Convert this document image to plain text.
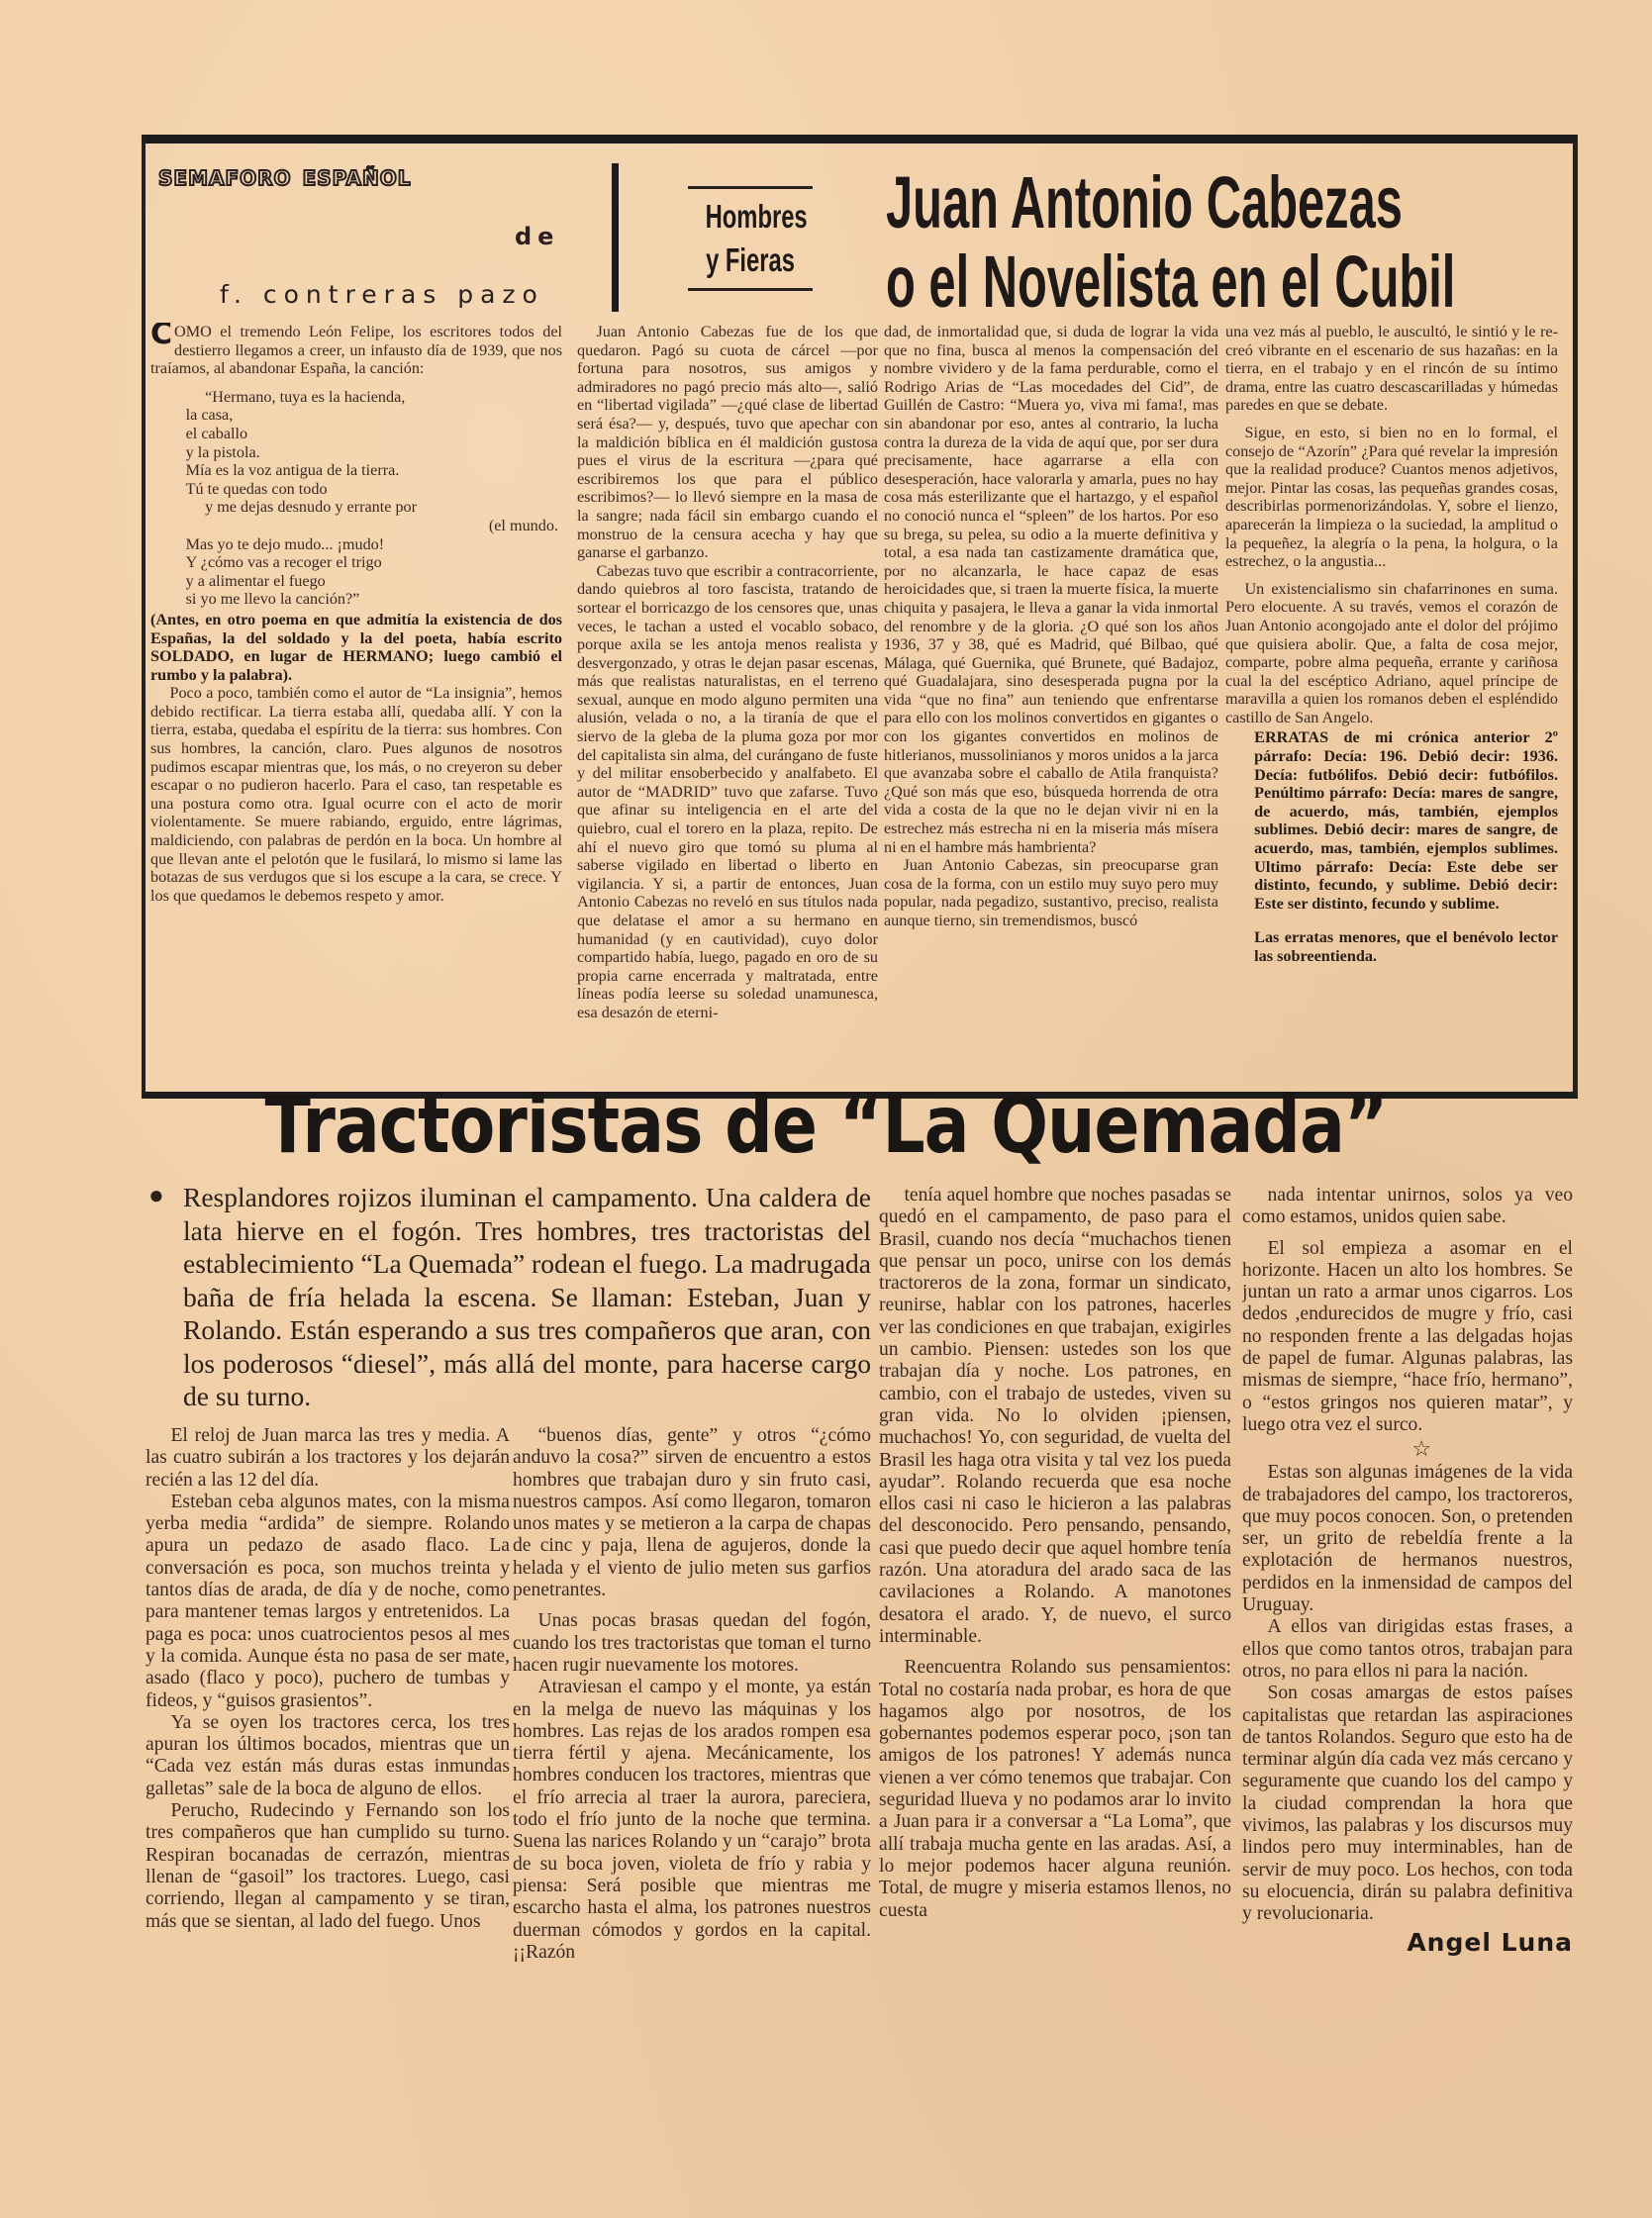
semaforo español
de
f. contreras pazo
Hombres
y Fieras
Juan Antonio Cabezas
o el Novelista en el Cubil

COMO el tremendo León Felipe, los escritores todos del destierro llegamos a creer, un infausto día de 1939, que nos traíamos, al abandonar España, la canción:

“Hermano, tuya es la hacienda,
la casa,
el caballo
y la pistola.
Mía es la voz antigua de la tierra.
Tú te quedas con todo
y me dejas desnudo y errante por
(el mundo.
Mas yo te dejo mudo... ¡mudo!
Y ¿cómo vas a recoger el trigo
y a alimentar el fuego
si yo me llevo la canción?”

(Antes, en otro poema en que admitía la existencia de dos Españas, la del soldado y la del poeta, había escrito SOLDADO, en lugar de HERMANO; luego cambió el rumbo y la palabra).

Poco a poco, también como el autor de “La insignia”, hemos debido rectificar. La tierra estaba allí, quedaba allí. Y con la tierra, estaba, quedaba el espíritu de la tierra: sus hombres. Con sus hombres, la canción, claro. Pues algunos de nosotros pudimos escapar mientras que, los más, o no creyeron su deber escapar o no pudieron hacerlo. Para el caso, tan respetable es una postura como otra. Igual ocurre con el acto de morir violentamente. Se muere rabiando, erguido, entre lágrimas, maldiciendo, con palabras de perdón en la boca. Un hombre al que llevan ante el pelotón que le fusilará, lo mismo si lame las botazas de sus verdugos que si los escupe a la cara, se crece. Y los que quedamos le debemos respeto y amor.

Juan Antonio Cabezas fue de los que quedaron. Pagó su cuota de cárcel —por fortuna para nosotros, sus amigos y admiradores no pagó precio más alto—, salió en “libertad vigilada” —¿qué clase de libertad será ésa?— y, después, tuvo que apechar con la maldición bíblica en él maldición gustosa pues el virus de la escritura —¿para qué escribiremos los que para el público escribimos?— lo llevó siempre en la masa de la sangre; nada fácil sin embargo cuando el monstruo de la censura acecha y hay que ganarse el garbanzo.

Cabezas tuvo que escribir a contracorriente, dando quiebros al toro fascista, tratando de sortear el borricazgo de los censores que, unas veces, le tachan a usted el vocablo sobaco, porque axila se les antoja menos realista y desvergonzado, y otras le dejan pasar escenas, más que realistas naturalistas, en el terreno sexual, aunque en modo alguno permiten una alusión, velada o no, a la tiranía de que el siervo de la gleba de la pluma goza por mor del capitalista sin alma, del curángano de fuste y del militar ensoberbecido y analfabeto. El autor de “MADRID” tuvo que zafarse. Tuvo que afinar su inteligencia en el arte del quiebro, cual el torero en la plaza, repito. De ahí el nuevo giro que tomó su pluma al saberse vigilado en libertad o liberto en vigilancia. Y si, a partir de entonces, Juan Antonio Cabezas no reveló en sus títulos nada que delatase el amor a su hermano en humanidad (y en cautividad), cuyo dolor compartido había, luego, pagado en oro de su propia carne encerrada y maltratada, entre líneas podía leerse su soledad unamunesca, esa desazón de eterni-

dad, de inmortalidad que, si duda de lograr la vida que no fina, busca al menos la compensación del nombre vividero y de la fama perdurable, como el Rodrigo Arias de “Las mocedades del Cid”, de Guillén de Castro: “Muera yo, viva mi fama!, mas sin abandonar por eso, antes al contrario, la lucha contra la dureza de la vida de aquí que, por ser dura precisamente, hace agarrarse a ella con desesperación, hace valorarla y amarla, pues no hay cosa más esterilizante que el hartazgo, y el español no conoció nunca el “spleen” de los hartos. Por eso su brega, su pelea, su odio a la muerte definitiva y total, a esa nada tan castizamente dramática que, por no alcanzarla, le hace capaz de esas heroicidades que, si traen la muerte física, la muerte chiquita y pasajera, le lleva a ganar la vida inmortal del renombre y de la gloria. ¿O qué son los años 1936, 37 y 38, qué es Madrid, qué Bilbao, qué Málaga, qué Guernika, qué Brunete, qué Badajoz, qué Guadalajara, sino desesperada pugna por la vida “que no fina” aun teniendo que enfrentarse para ello con los molinos convertidos en gigantes o con los gigantes convertidos en molinos de hitlerianos, mussolinianos y moros unidos a la jarca que avanzaba sobre el caballo de Atila franquista? ¿Qué son más que eso, búsqueda horrenda de otra vida a costa de la que no le dejan vivir ni en la estrechez más estrecha ni en la miseria más mísera ni en el hambre más hambrienta?

Juan Antonio Cabezas, sin preocuparse gran cosa de la forma, con un estilo muy suyo pero muy popular, nada pegadizo, sustantivo, preciso, realista aunque tierno, sin tremendismos, buscó

una vez más al pueblo, le auscultó, le sintió y le re-creó vibrante en el escenario de sus hazañas: en la tierra, en el trabajo y en el rincón de su íntimo drama, entre las cuatro descascarilladas y húmedas paredes en que se debate.

Sigue, en esto, si bien no en lo formal, el consejo de “Azorín” ¿Para qué revelar la impresión que la realidad produce? Cuantos menos adjetivos, mejor. Pintar las cosas, las pequeñas grandes cosas, describirlas pormenorizándolas. Y, sobre el lienzo, aparecerán la limpieza o la suciedad, la amplitud o la pequeñez, la alegría o la pena, la holgura, o la estrechez, o la angustia...

Un existencialismo sin chafarrinones en suma. Pero elocuente. A su través, vemos el corazón de Juan Antonio acongojado ante el dolor del prójimo que quisiera abolir. Que, a falta de cosa mejor, comparte, pobre alma pequeña, errante y cariñosa cual la del escéptico Adriano, aquel príncipe de maravilla a quien los romanos deben el espléndido castillo de San Angelo.

ERRATAS de mi crónica anterior 2º párrafo: Decía: 196. Debió decir: 1936. Decía: futbólifos. Debió decir: futbófilos. Penúltimo párrafo: Decía: mares de sangre, de acuerdo, más, también, ejemplos sublimes. Debió decir: mares de sangre, de acuerdo, mas, también, ejemplos sublimes. Ultimo párrafo: Decía: Este debe ser distinto, fecundo, y sublime. Debió decir: Este ser distinto, fecundo y sublime.

Las erratas menores, que el benévolo lector las sobreentienda.

Tractoristas de “La Quemada”
● Resplandores rojizos iluminan el campamento. Una caldera de lata hierve en el fogón. Tres hombres, tres tractoristas del establecimiento “La Quemada” rodean el fuego. La madrugada baña de fría helada la escena. Se llaman: Esteban, Juan y Rolando. Están esperando a sus tres compañeros que aran, con los poderosos “diesel”, más allá del monte, para hacerse cargo de su turno.

El reloj de Juan marca las tres y media. A las cuatro subirán a los tractores y los dejarán recién a las 12 del día.

Esteban ceba algunos mates, con la misma yerba media “ardida” de siempre. Rolando apura un pedazo de asado flaco. La conversación es poca, son muchos treinta y tantos días de arada, de día y de noche, como para mantener temas largos y entretenidos. La paga es poca: unos cuatrocientos pesos al mes y la comida. Aunque ésta no pasa de ser mate, asado (flaco y poco), puchero de tumbas y fideos, y “guisos grasientos”.

Ya se oyen los tractores cerca, los tres apuran los últimos bocados, mientras que un “Cada vez están más duras estas inmundas galletas” sale de la boca de alguno de ellos.

Perucho, Rudecindo y Fernando son los tres compañeros que han cumplido su turno. Respiran bocanadas de cerrazón, mientras llenan de “gasoil” los tractores. Luego, casi corriendo, llegan al campamento y se tiran, más que se sientan, al lado del fuego. Unos

“buenos días, gente” y otros “¿cómo anduvo la cosa?” sirven de encuentro a estos hombres que trabajan duro y sin fruto casi, nuestros campos. Así como llegaron, tomaron unos mates y se metieron a la carpa de chapas de cinc y paja, llena de agujeros, donde la helada y el viento de julio meten sus garfios penetrantes.

Unas pocas brasas quedan del fogón, cuando los tres tractoristas que toman el turno hacen rugir nuevamente los motores.

Atraviesan el campo y el monte, ya están en la melga de nuevo las máquinas y los hombres. Las rejas de los arados rompen esa tierra fértil y ajena. Mecánicamente, los hombres conducen los tractores, mientras que el frío arrecia al traer la aurora, pareciera, todo el frío junto de la noche que termina. Suena las narices Rolando y un “carajo” brota de su boca joven, violeta de frío y rabia y piensa: Será posible que mientras me escarcho hasta el alma, los patrones nuestros duerman cómodos y gordos en la capital. ¡¡Razón

tenía aquel hombre que noches pasadas se quedó en el campamento, de paso para el Brasil, cuando nos decía “muchachos tienen que pensar un poco, unirse con los demás tractoreros de la zona, formar un sindicato, reunirse, hablar con los patrones, hacerles ver las condiciones en que trabajan, exigirles un cambio. Piensen: ustedes son los que trabajan día y noche. Los patrones, en cambio, con el trabajo de ustedes, viven su gran vida. No lo olviden ¡piensen, muchachos! Yo, con seguridad, de vuelta del Brasil les haga otra visita y tal vez los pueda ayudar”. Rolando recuerda que esa noche ellos casi ni caso le hicieron a las palabras del desconocido. Pero pensando, pensando, casi que puedo decir que aquel hombre tenía razón. Una atoradura del arado saca de las cavilaciones a Rolando. A manotones desatora el arado. Y, de nuevo, el surco interminable.

Reencuentra Rolando sus pensamientos: Total no costaría nada probar, es hora de que hagamos algo por nosotros, de los gobernantes podemos esperar poco, ¡son tan amigos de los patrones! Y además nunca vienen a ver cómo tenemos que trabajar. Con seguridad llueva y no podamos arar lo invito a Juan para ir a conversar a “La Loma”, que allí trabaja mucha gente en las aradas. Así, a lo mejor podemos hacer alguna reunión. Total, de mugre y miseria estamos llenos, no cuesta

nada intentar unirnos, solos ya veo como estamos, unidos quien sabe.

El sol empieza a asomar en el horizonte. Hacen un alto los hombres. Se juntan un rato a armar unos cigarros. Los dedos ,endurecidos de mugre y frío, casi no responden frente a las delgadas hojas de papel de fumar. Algunas palabras, las mismas de siempre, “hace frío, hermano”, o “estos gringos nos quieren matar”, y luego otra vez el surco.

☆

Estas son algunas imágenes de la vida de trabajadores del campo, los tractoreros, que muy pocos conocen. Son, o pretenden ser, un grito de rebeldía frente a la explotación de hermanos nuestros, perdidos en la inmensidad de campos del Uruguay.

A ellos van dirigidas estas frases, a ellos que como tantos otros, trabajan para otros, no para ellos ni para la nación.

Son cosas amargas de estos países capitalistas que retardan las aspiraciones de tantos Rolandos. Seguro que esto ha de terminar algún día cada vez más cercano y seguramente que cuando los del campo y la ciudad comprendan la hora que vivimos, las palabras y los discursos muy lindos pero muy interminables, han de servir de muy poco. Los hechos, con toda su elocuencia, dirán su palabra definitiva y revolucionaria.

Angel Luna
